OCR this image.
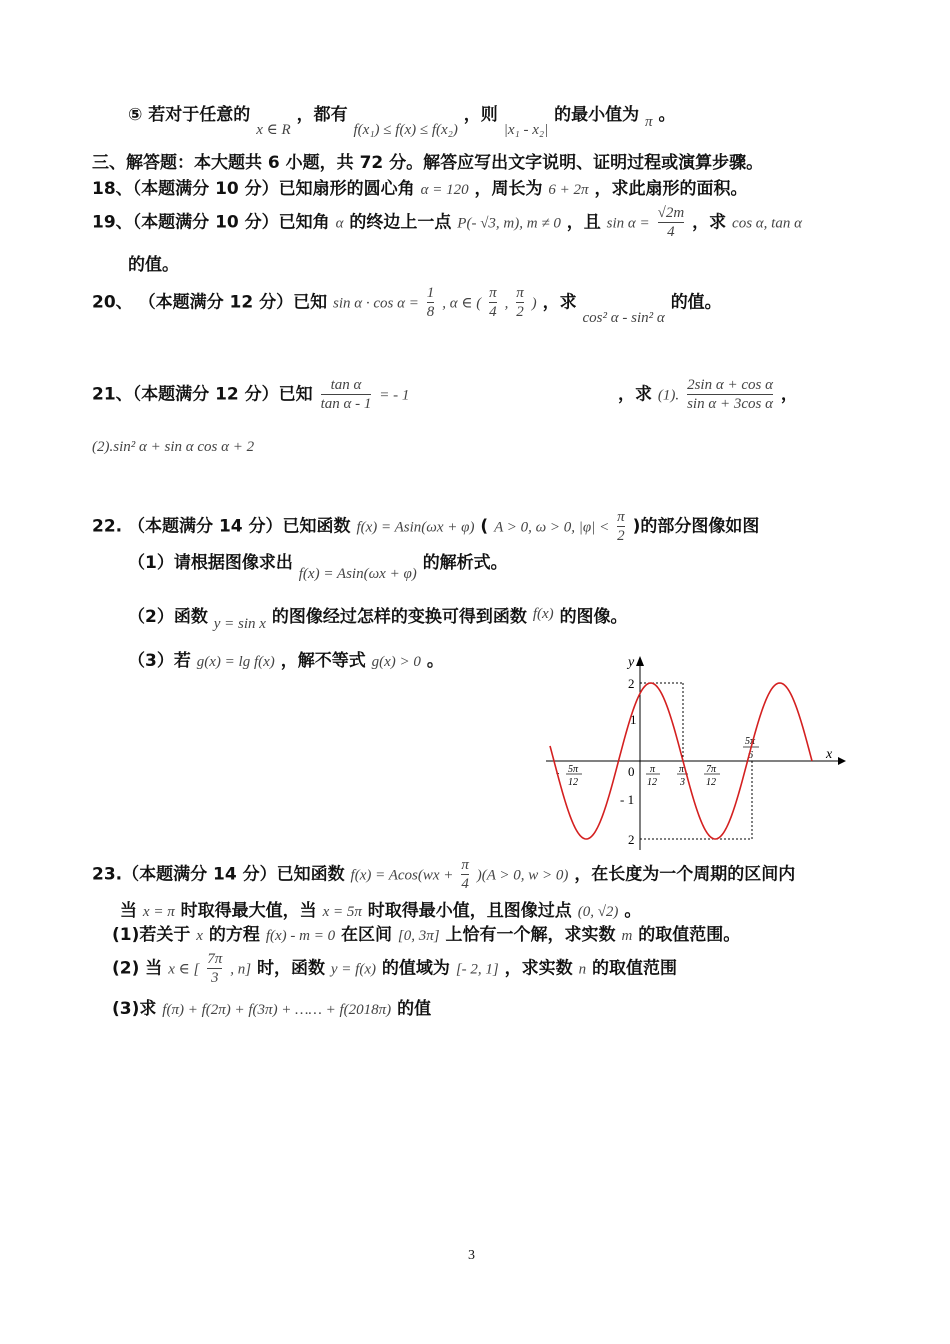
⑤ 若对于任意的 x ∈ R ，都有 f(x₁) ≤ f(x) ≤ f(x₂) ，则 |x₁ - x₂| 的最小值为 π 。
三、解答题：本大题共 6 小题，共 72 分。解答应写出文字说明、证明过程或演算步骤。
18、（本题满分 10 分）已知扇形的圆心角 α = 120 ，周长为 6 + 2π ，求此扇形的面积。
19、（本题满分 10 分）已知角 α 的终边上一点 P(- √3, m), m ≠ 0 ，且 $\sin \alpha = \frac{√2m}{4}$ ，求 cos α, tan α
的值。
20、 （本题满分 12 分）已知 $\sin \alpha \cdot \cos \alpha = \frac{1}{8}$ , α ∈ ( $\frac{\pi}{4}$ , $\frac{\pi}{2}$ ) ，求 cos² α - sin² α 的值。
21、（本题满分 12 分）已知 $\frac{\text{tan α}}{\text{tan α - 1}}$ = - 1	，求 (1). $\frac{\text{2sin α + cos α}}{\text{sin α + 3cos α}}$ ，
(2).sin² α + sin α cos α + 2
22. （本题满分 14 分）已知函数 f(x) = Asin(ωx + φ) ( A > 0, ω > 0, $|\varphi| < \frac{\pi}{2}$ )的部分图像如图
（1）请根据图像求出 f(x) = Asin(ωx + φ) 的解析式。
（2）函数 y = sin x 的图像经过怎样的变换可得到函数 f(x) 的图像。
（3）若 g(x) = lg f(x) ，解不等式 g(x) > 0 。	y
x
0
2
1
- 1
2
- 5π
12
π
12
π
3
7π
12
5π
6
23.（本题满分 14 分）已知函数 $f(x) = Acos(wx + \frac{\pi}{4} )(A > 0$, w > 0) ，在长度为一个周期的区间内
当 x = π 时取得最大值，当 x = 5π 时取得最小值，且图像过点 (0, √2) 。
(1)若关于 x 的方程 f(x) - m = 0 在区间 [0, 3π] 上恰有一个解，求实数 m 的取值范围。
(2) 当 x ∈ [ $\frac{7\pi}{3}$ , n] 时，函数 y = f(x) 的值域为 [- 2, 1] ，求实数 n 的取值范围
(3)求 f(π) + f(2π) + f(3π) + …… + f(2018π) 的值
3
